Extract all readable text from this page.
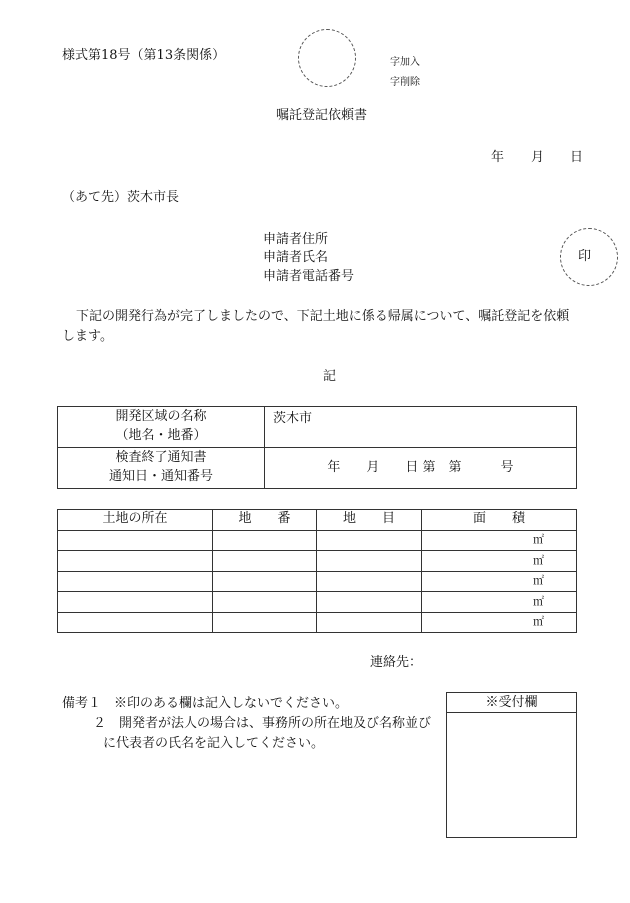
様式第18号（第13条関係）	字加入
字削除
嘱託登記依頼書
年 月 日
（あて先）茨木市長
申請者住所
申請者氏名
申請者電話番号
印
下記の開発行為が完了しましたので、下記土地に係る帰属について、嘱託登記を依頼
します。
記
開発区域の名称
（地名・地番）	茨木市
検査終了通知書
通知日・通知番号	年　　月　　日 第　第　　　号
土地の所在	地　　番	地　　目	面　　積
			㎡
			㎡
			㎡
			㎡
			㎡
連絡先：
備考１　※印のある欄は記入しないでください。
２　開発者が法人の場合は、事務所の所在地及び名称並び
に代表者の氏名を記入してください。
※受付欄
